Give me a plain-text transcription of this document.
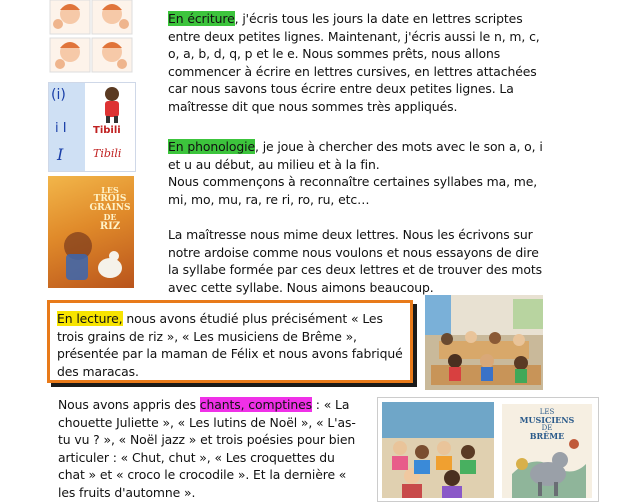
(i)
i I
I
Tibili
Tibili
LES
TROIS
GRAINS
DE
RIZ

En écriture, j'écris tous les jours la date en lettres scriptes entre deux petites lignes. Maintenant, j'écris aussi le n, m, c, o, a, b, d, q, p et le e. Nous sommes prêts, nous allons commencer à écrire en lettres cursives, en lettres attachées car nous savons tous écrire entre deux petites lignes. La maîtresse dit que nous sommes très appliqués.

En phonologie, je joue à chercher des mots avec le son a, o, i et u au début, au milieu et à la fin.

Nous commençons à reconnaître certaines syllabes ma, me, mi, mo, mu, ra, re ri, ro, ru, etc…

La maîtresse nous mime deux lettres. Nous les écrivons sur notre ardoise comme nous voulons et nous essayons de dire la syllabe formée par ces deux lettres et de trouver des mots avec cette syllabe. Nous aimons beaucoup.

En lecture, nous avons étudié plus précisément « Les trois grains de riz », « Les musiciens de Brême », présentée par la maman de Félix et nous avons fabriqué des maracas.

Nous avons appris des chants, comptines : « La chouette Juliette », « Les lutins de Noël », « L'as-tu vu ? », « Noël jazz » et trois poésies pour bien articuler : « Chut, chut », « Les croquettes du chat » et « croco le crocodile ». Et la dernière « les fruits d'automne ».

LES
MUSICIENS
DE
BRÊME
